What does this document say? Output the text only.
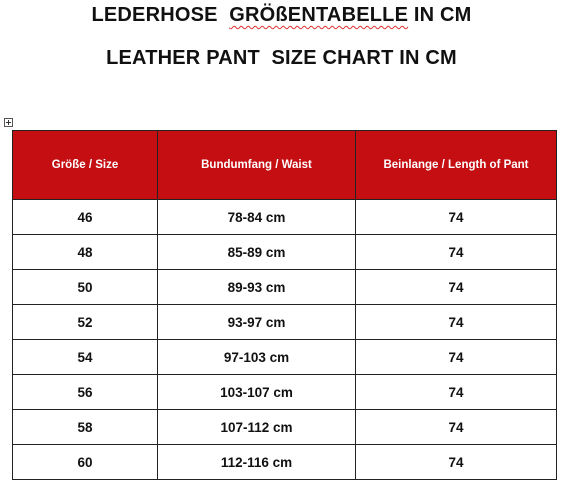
LEDERHOSE  GRÖßENTABELLE IN CM
LEATHER PANT  SIZE CHART IN CM
Größe / Size	Bundumfang / Waist	Beinlange / Length of Pant
46	78-84 cm	74
48	85-89 cm	74
50	89-93 cm	74
52	93-97 cm	74
54	97-103 cm	74
56	103-107 cm	74
58	107-112 cm	74
60	112-116 cm	74
